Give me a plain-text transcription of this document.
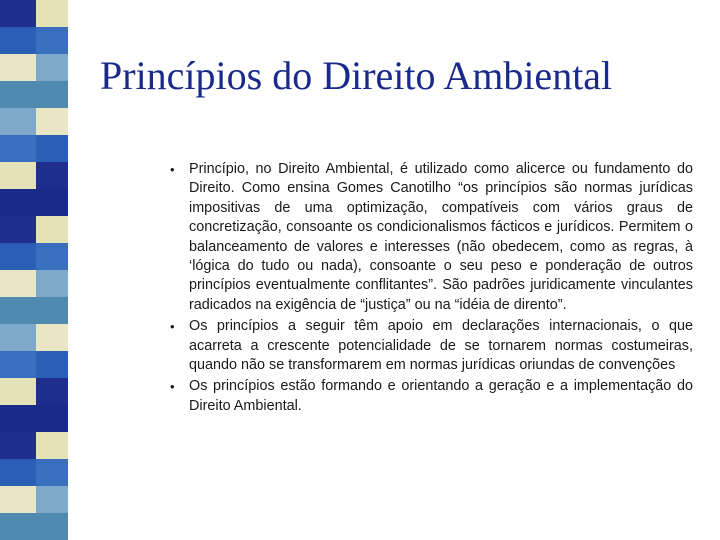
Princípios do Direito Ambiental
• Princípio, no Direito Ambiental, é utilizado como alicerce ou fundamento do Direito. Como ensina Gomes Canotilho “os princípios são normas jurídicas impositivas de uma optimização, compatíveis com vários graus de concretização, consoante os condicionalismos fácticos e jurídicos. Permitem o balanceamento de valores e interesses (não obedecem, como as regras, à ‘lógica do tudo ou nada), consoante o seu peso e ponderação de outros princípios eventualmente conflitantes”. São padrões juridicamente vinculantes radicados na exigência de “justiça” ou na “idéia de dirento”.
• Os princípios a seguir têm apoio em declarações internacionais, o que acarreta a crescente potencialidade de se tornarem normas costumeiras, quando não se transformarem em normas jurídicas oriundas de convenções
• Os princípios estão formando e orientando a geração e a implementação do Direito Ambiental.
